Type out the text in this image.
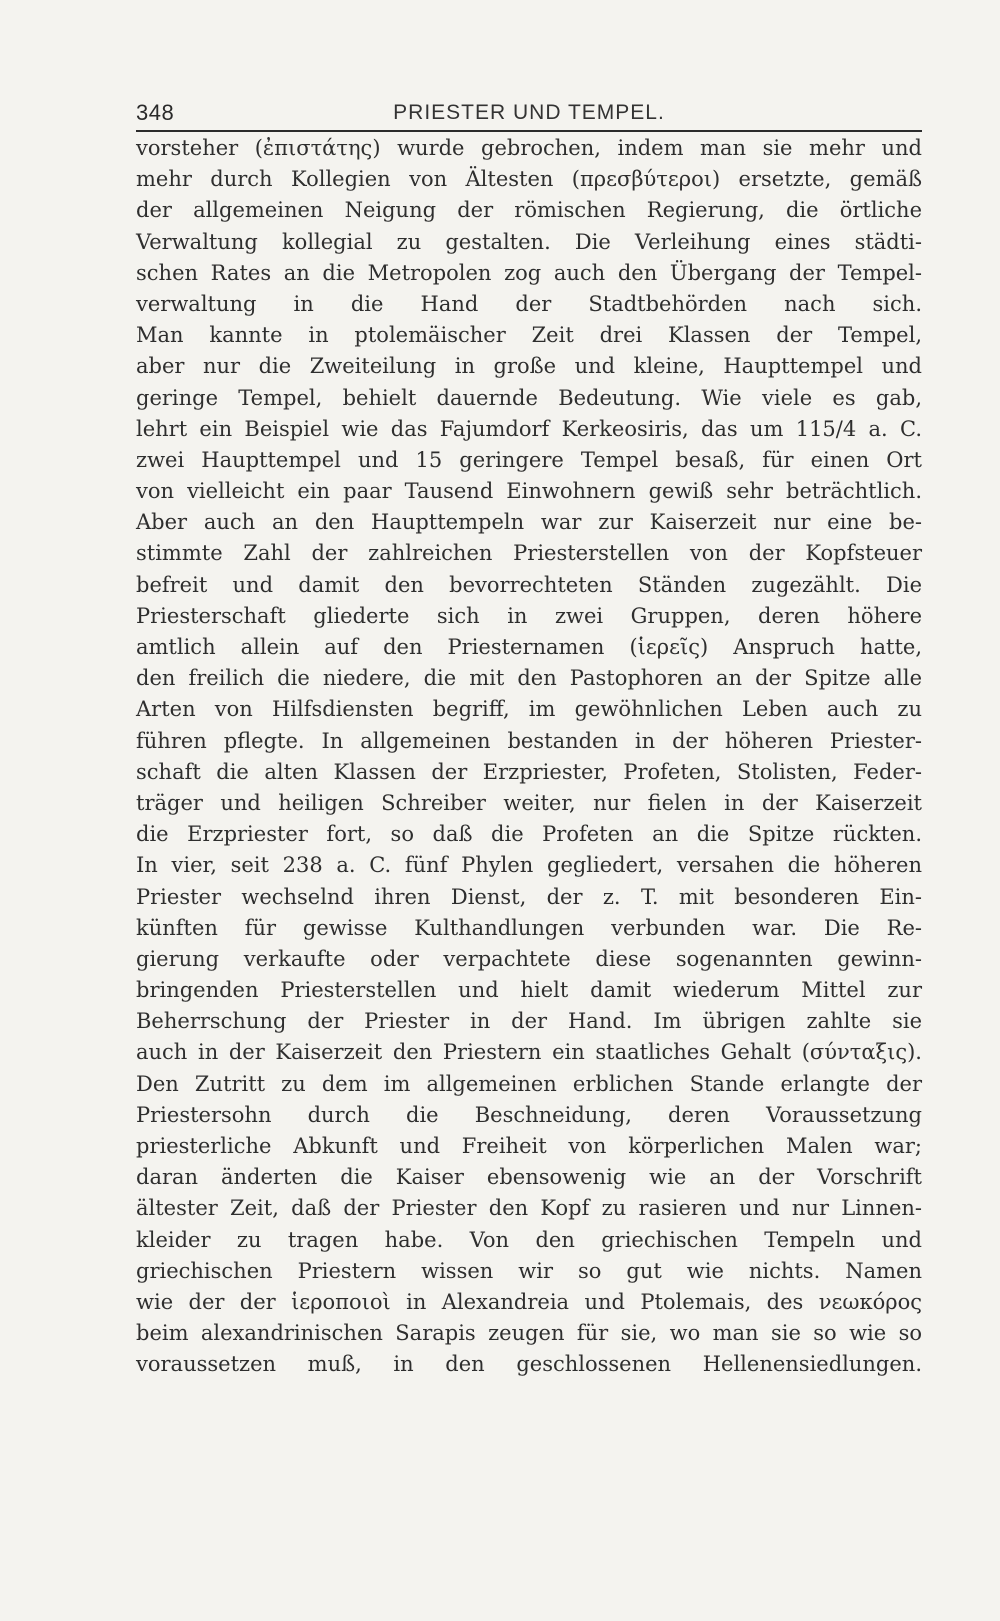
348	PRIESTER UND TEMPEL.
vorsteher (ἐπιστάτης) wurde gebrochen, indem man sie mehr und
mehr durch Kollegien von Ältesten (πρεσβύτεροι) ersetzte, gemäß
der allgemeinen Neigung der römischen Regierung, die örtliche
Verwaltung kollegial zu gestalten. Die Verleihung eines städti-
schen Rates an die Metropolen zog auch den Übergang der Tempel-
verwaltung in die Hand der Stadtbehörden nach sich.
Man kannte in ptolemäischer Zeit drei Klassen der Tempel,
aber nur die Zweiteilung in große und kleine, Haupttempel und
geringe Tempel, behielt dauernde Bedeutung. Wie viele es gab,
lehrt ein Beispiel wie das Fajumdorf Kerkeosiris, das um 115/4 a. C.
zwei Haupttempel und 15 geringere Tempel besaß, für einen Ort
von vielleicht ein paar Tausend Einwohnern gewiß sehr beträchtlich.
Aber auch an den Haupttempeln war zur Kaiserzeit nur eine be-
stimmte Zahl der zahlreichen Priesterstellen von der Kopfsteuer
befreit und damit den bevorrechteten Ständen zugezählt. Die
Priesterschaft gliederte sich in zwei Gruppen, deren höhere
amtlich allein auf den Priesternamen (ἱερεῖς) Anspruch hatte,
den freilich die niedere, die mit den Pastophoren an der Spitze alle
Arten von Hilfsdiensten begriff, im gewöhnlichen Leben auch zu
führen pflegte. In allgemeinen bestanden in der höheren Priester-
schaft die alten Klassen der Erzpriester, Profeten, Stolisten, Feder-
träger und heiligen Schreiber weiter, nur fielen in der Kaiserzeit
die Erzpriester fort, so daß die Profeten an die Spitze rückten.
In vier, seit 238 a. C. fünf Phylen gegliedert, versahen die höheren
Priester wechselnd ihren Dienst, der z. T. mit besonderen Ein-
künften für gewisse Kulthandlungen verbunden war. Die Re-
gierung verkaufte oder verpachtete diese sogenannten gewinn-
bringenden Priesterstellen und hielt damit wiederum Mittel zur
Beherrschung der Priester in der Hand. Im übrigen zahlte sie
auch in der Kaiserzeit den Priestern ein staatliches Gehalt (σύνταξις).
Den Zutritt zu dem im allgemeinen erblichen Stande erlangte der
Priestersohn durch die Beschneidung, deren Voraussetzung
priesterliche Abkunft und Freiheit von körperlichen Malen war;
daran änderten die Kaiser ebensowenig wie an der Vorschrift
ältester Zeit, daß der Priester den Kopf zu rasieren und nur Linnen-
kleider zu tragen habe. Von den griechischen Tempeln und
griechischen Priestern wissen wir so gut wie nichts. Namen
wie der der ἱεροποιοὶ in Alexandreia und Ptolemais, des νεωκόρος
beim alexandrinischen Sarapis zeugen für sie, wo man sie so wie so
voraussetzen muß, in den geschlossenen Hellenensiedlungen.
